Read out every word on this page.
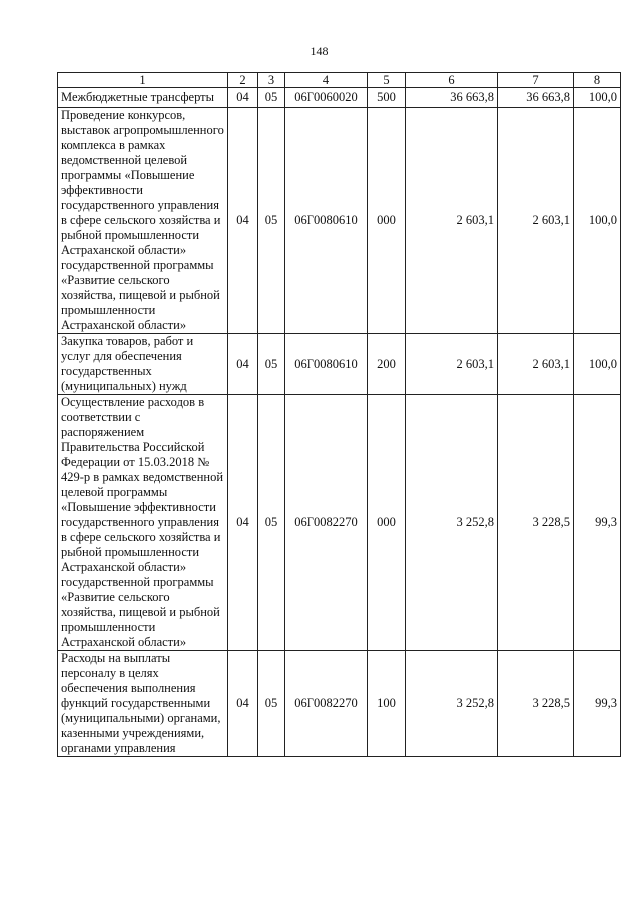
148
1	2	3	4	5	6	7	8
Межбюджетные трансферты	04	05	06Г0060020	500	36 663,8	36 663,8	100,0
Проведение конкурсов, выставок агропромышленного комплекса в рамках ведомственной целевой программы «Повышение эффективности государственного управления в сфере сельского хозяйства и рыбной промышленности Астраханской области» государственной программы «Развитие сельского хозяйства, пищевой и рыбной промышленности Астраханской области»	04	05	06Г0080610	000	2 603,1	2 603,1	100,0
Закупка товаров, работ и услуг для обеспечения государственных (муниципальных) нужд	04	05	06Г0080610	200	2 603,1	2 603,1	100,0
Осуществление расходов в соответствии с распоряжением Правительства Российской Федерации от 15.03.2018 № 429-р в рамках ведомственной целевой программы «Повышение эффективности государственного управления в сфере сельского хозяйства и рыбной промышленности Астраханской области» государственной программы «Развитие сельского хозяйства, пищевой и рыбной промышленности Астраханской области»	04	05	06Г0082270	000	3 252,8	3 228,5	99,3
Расходы на выплаты персоналу в целях обеспечения выполнения функций государственными (муниципальными) органами, казенными учреждениями, органами управления	04	05	06Г0082270	100	3 252,8	3 228,5	99,3
